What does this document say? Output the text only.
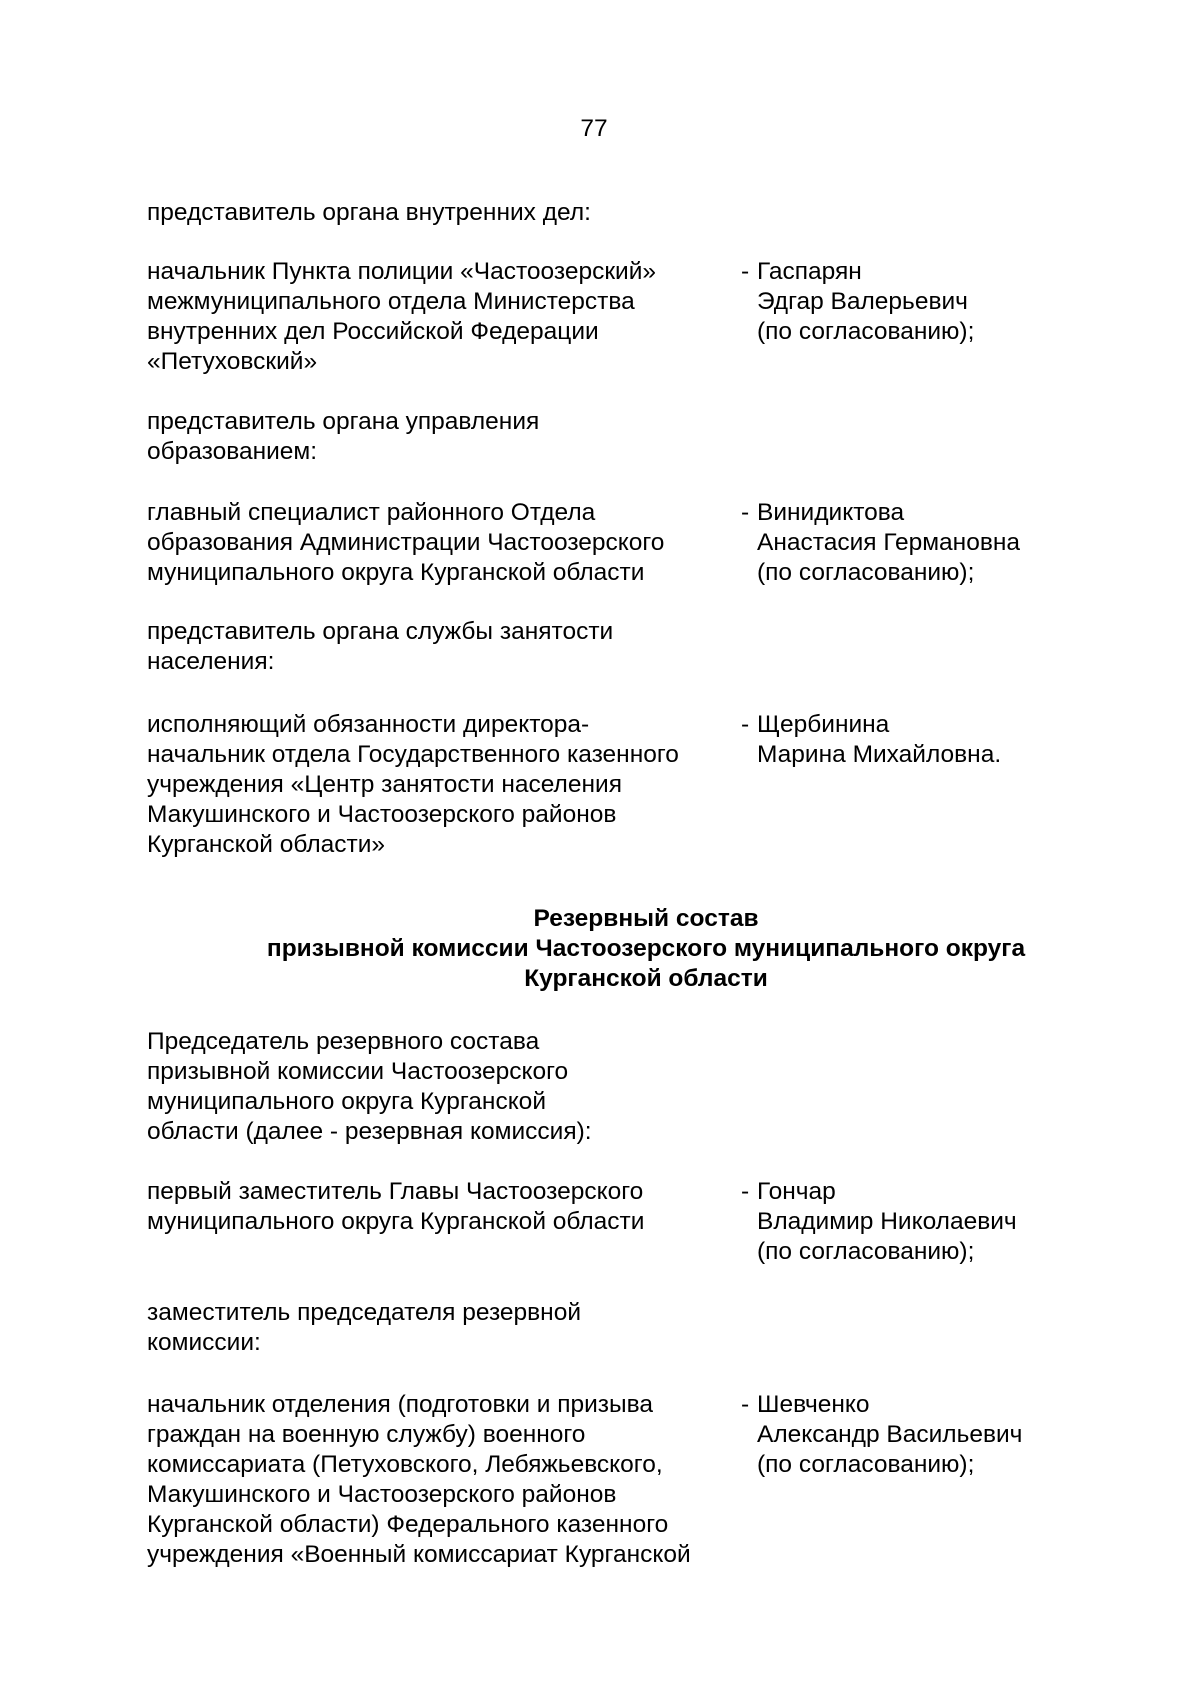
77
представитель органа внутренних дел:
начальник Пункта полиции «Частоозерский»
межмуниципального отдела Министерства
внутренних дел Российской Федерации
«Петуховский»
- Гаспарян
Эдгар Валерьевич
(по согласованию);
представитель органа управления
образованием:
главный специалист районного Отдела
образования Администрации Частоозерского
муниципального округа Курганской области
- Винидиктова
Анастасия Германовна
(по согласованию);
представитель органа службы занятости
населения:
исполняющий обязанности директора-
начальник отдела Государственного казенного
учреждения «Центр занятости населения
Макушинского и Частоозерского районов
Курганской области»
- Щербинина
Марина Михайловна.
Резервный состав
призывной комиссии Частоозерского муниципального округа
Курганской области
Председатель резервного состава
призывной комиссии Частоозерского
муниципального округа Курганской
области (далее - резервная комиссия):
первый заместитель Главы Частоозерского
муниципального округа Курганской области
- Гончар
Владимир Николаевич
(по согласованию);
заместитель председателя резервной
комиссии:
начальник отделения (подготовки и призыва
граждан на военную службу) военного
комиссариата (Петуховского, Лебяжьевского,
Макушинского и Частоозерского районов
Курганской области) Федерального казенного
учреждения «Военный комиссариат Курганской
- Шевченко
Александр Васильевич
(по согласованию);
